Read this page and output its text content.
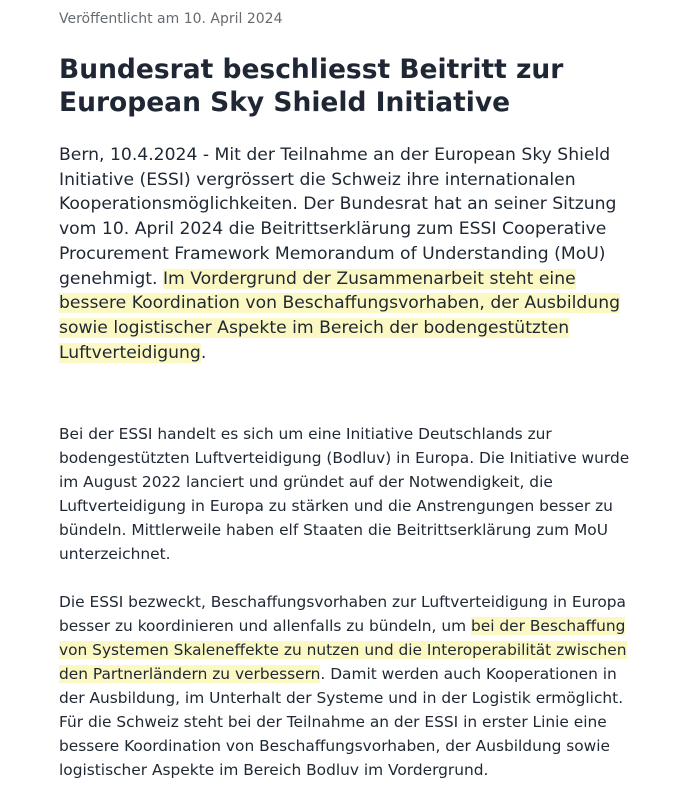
Veröffentlicht am 10. April 2024
Bundesrat beschliesst Beitritt zur
European Sky Shield Initiative

Bern, 10.4.2024 - Mit der Teilnahme an der European Sky Shield
Initiative (ESSI) vergrössert die Schweiz ihre internationalen
Kooperationsmöglichkeiten. Der Bundesrat hat an seiner Sitzung
vom 10. April 2024 die Beitrittserklärung zum ESSI Cooperative
Procurement Framework Memorandum of Understanding (MoU)
genehmigt. Im Vordergrund der Zusammenarbeit steht eine
bessere Koordination von Beschaffungsvorhaben, der Ausbildung
sowie logistischer Aspekte im Bereich der bodengestützten
Luftverteidigung.

Bei der ESSI handelt es sich um eine Initiative Deutschlands zur
bodengestützten Luftverteidigung (Bodluv) in Europa. Die Initiative wurde
im August 2022 lanciert und gründet auf der Notwendigkeit, die
Luftverteidigung in Europa zu stärken und die Anstrengungen besser zu
bündeln. Mittlerweile haben elf Staaten die Beitrittserklärung zum MoU
unterzeichnet.

Die ESSI bezweckt, Beschaffungsvorhaben zur Luftverteidigung in Europa
besser zu koordinieren und allenfalls zu bündeln, um bei der Beschaffung
von Systemen Skaleneffekte zu nutzen und die Interoperabilität zwischen
den Partnerländern zu verbessern. Damit werden auch Kooperationen in
der Ausbildung, im Unterhalt der Systeme und in der Logistik ermöglicht.
Für die Schweiz steht bei der Teilnahme an der ESSI in erster Linie eine
bessere Koordination von Beschaffungsvorhaben, der Ausbildung sowie
logistischer Aspekte im Bereich Bodluv im Vordergrund.
